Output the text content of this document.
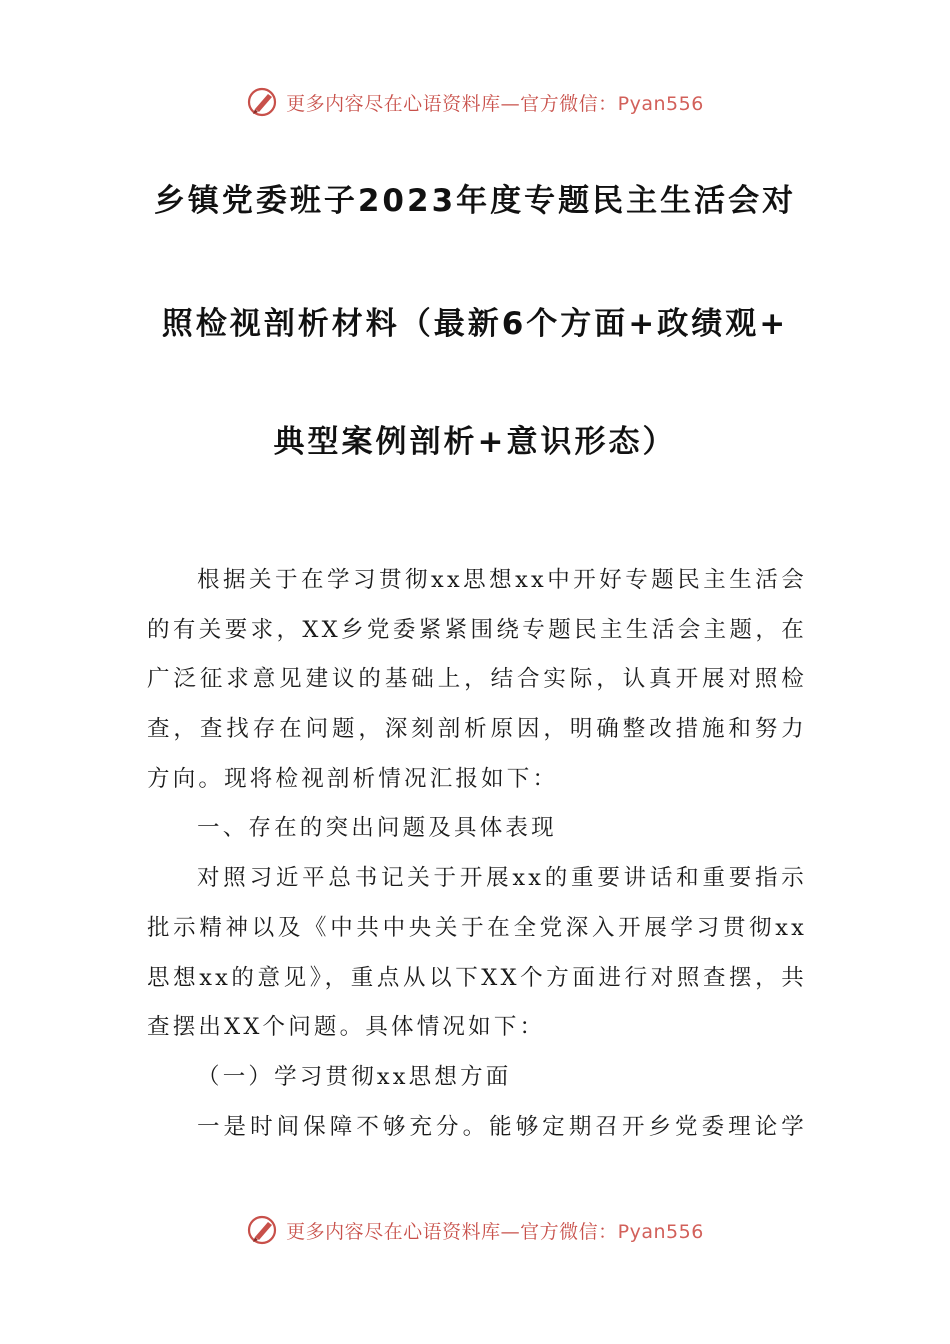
更多内容尽在心语资料库—官方微信：Pyan556
乡镇党委班子2023年度专题民主生活会对
照检视剖析材料（最新6个方面+政绩观+
典型案例剖析+意识形态）
根据关于在学习贯彻xx思想xx中开好专题民主生活会
的有关要求，XX乡党委紧紧围绕专题民主生活会主题，在
广泛征求意见建议的基础上，结合实际，认真开展对照检
查，查找存在问题，深刻剖析原因，明确整改措施和努力
方向。现将检视剖析情况汇报如下：
一、存在的突出问题及具体表现
对照习近平总书记关于开展xx的重要讲话和重要指示
批示精神以及《中共中央关于在全党深入开展学习贯彻xx
思想xx的意见》，重点从以下XX个方面进行对照查摆，共
查摆出XX个问题。具体情况如下：
（一）学习贯彻xx思想方面
一是时间保障不够充分。能够定期召开乡党委理论学
更多内容尽在心语资料库—官方微信：Pyan556
